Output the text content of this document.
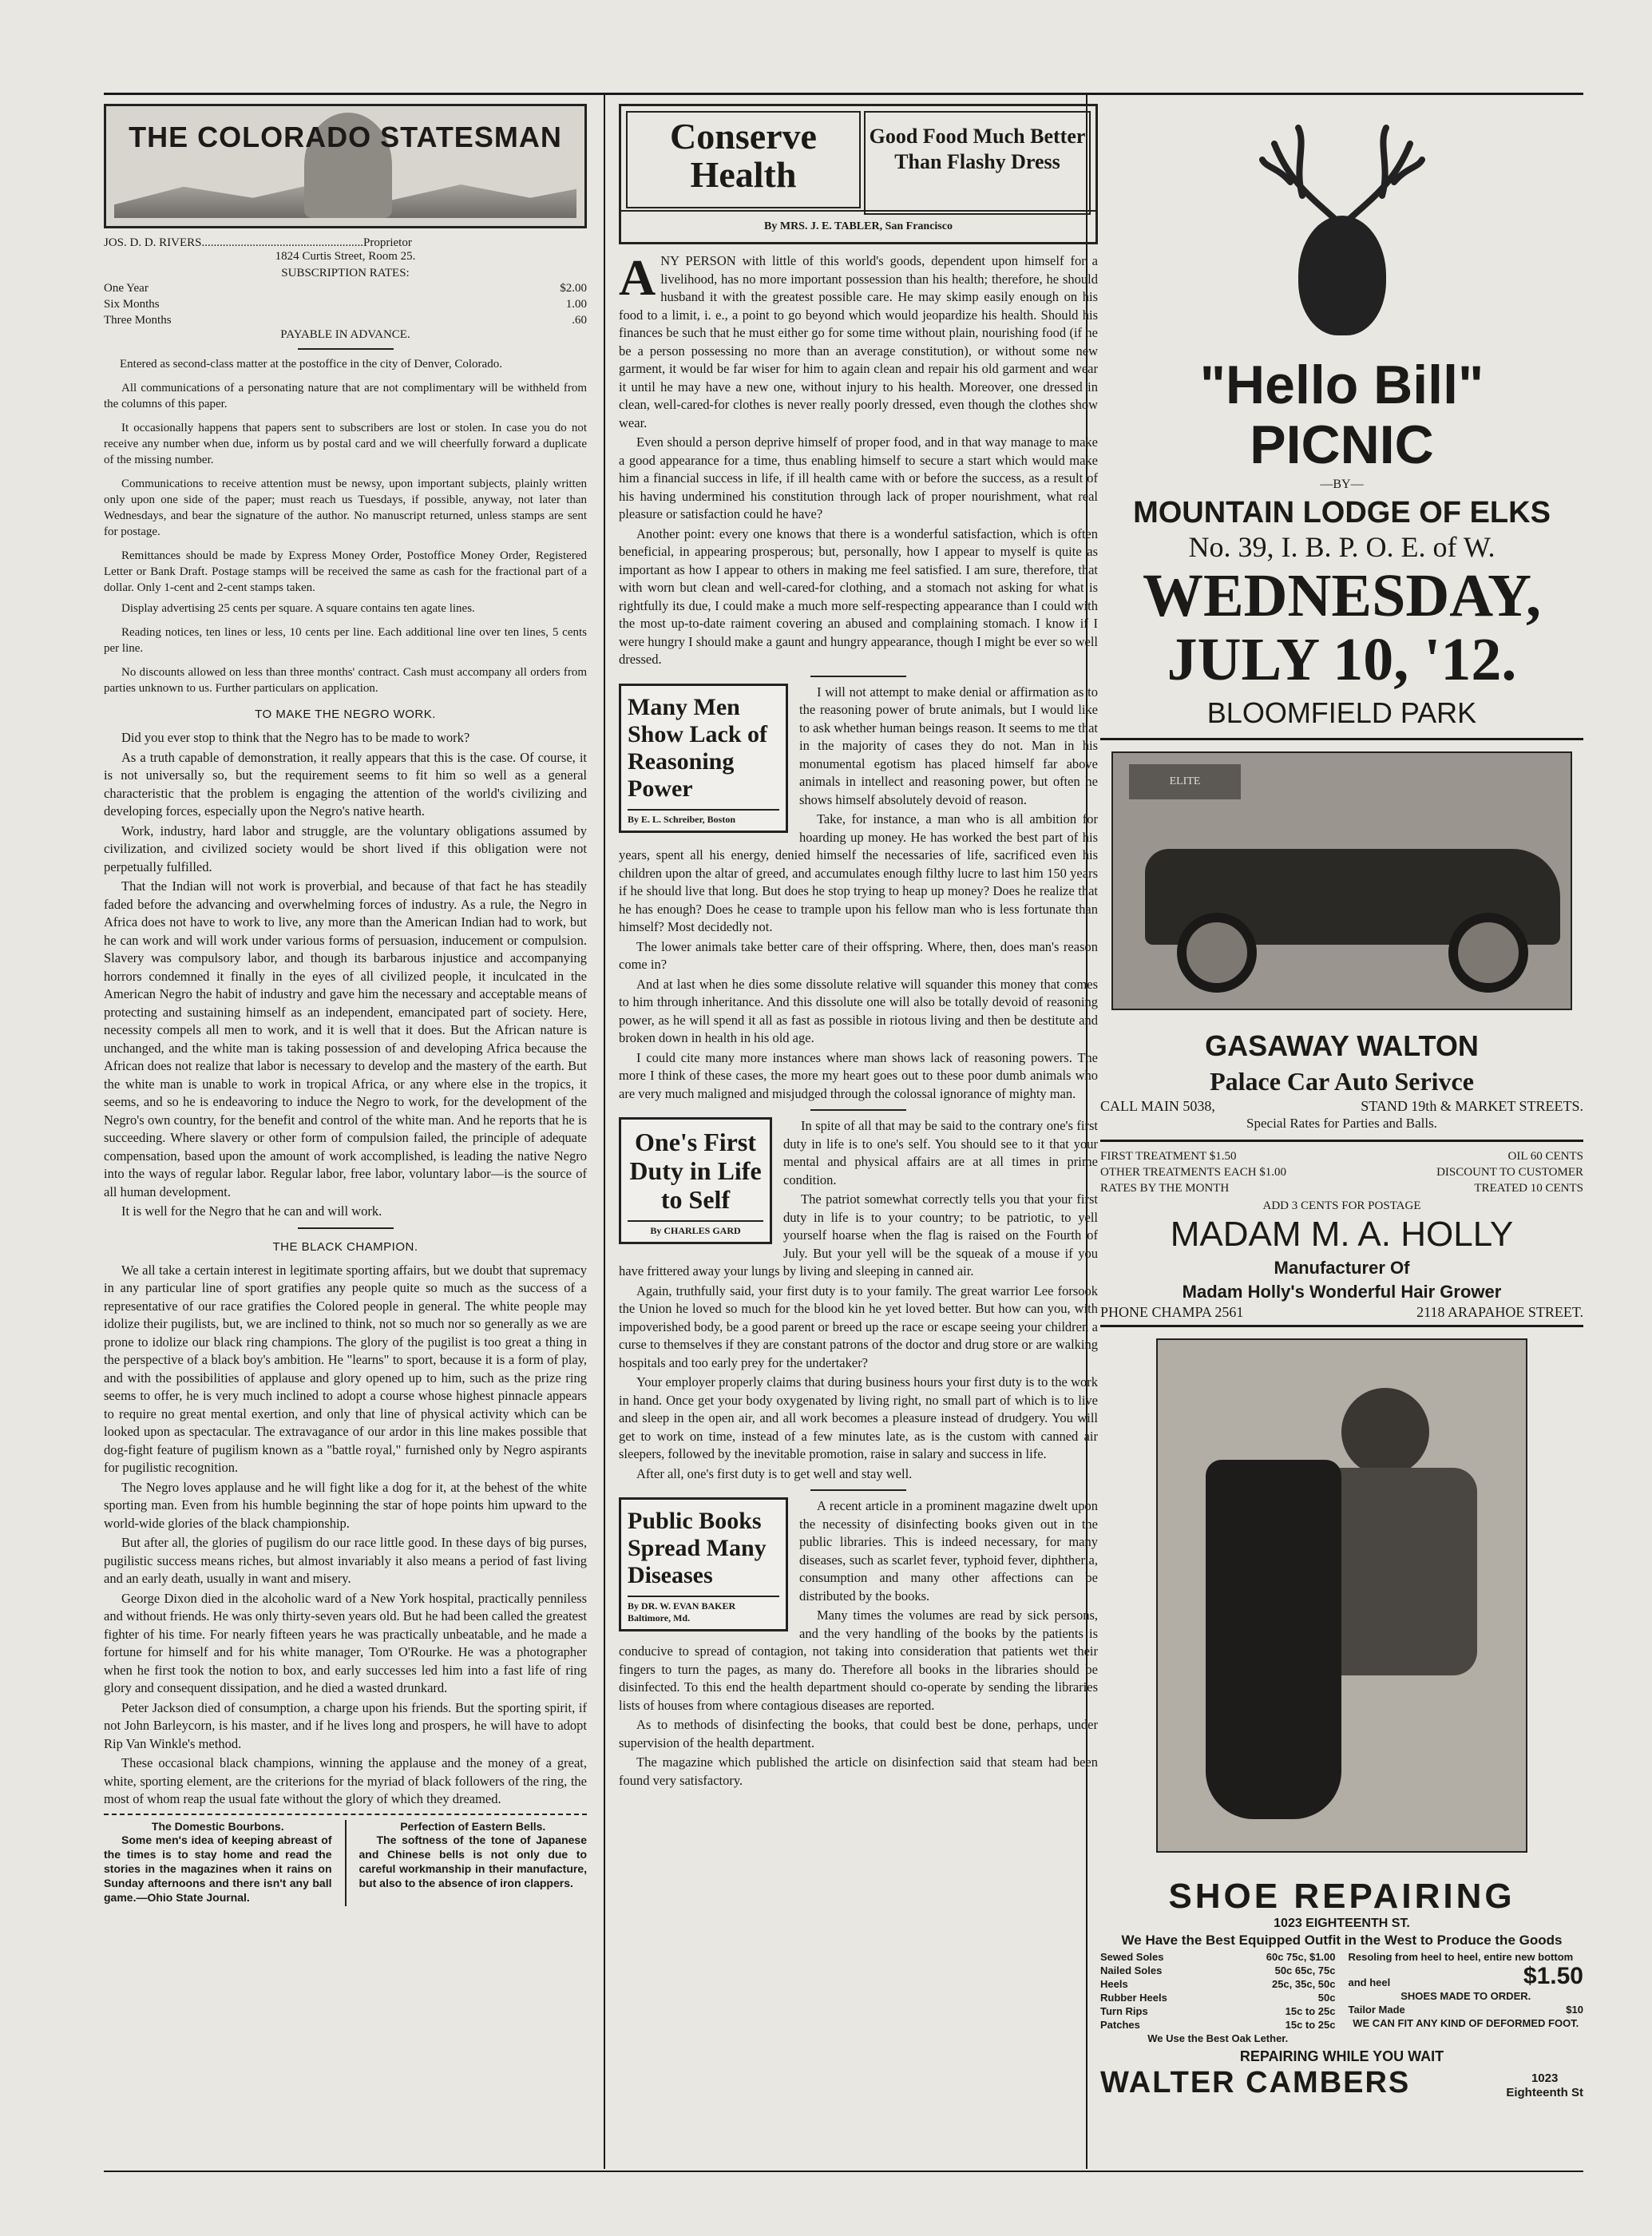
THE COLORADO STATESMAN
JOS. D. D. RIVERS......................................................Proprietor
1824 Curtis Street, Room 25.
SUBSCRIPTION RATES:
One Year	$2.00
Six Months	1.00
Three Months	.60
PAYABLE IN ADVANCE.
Entered as second-class matter at the postoffice in the city of Denver, Colorado.
All communications of a personating nature that are not complimentary will be withheld from the columns of this paper.
It occasionally happens that papers sent to subscribers are lost or stolen. In case you do not receive any number when due, inform us by postal card and we will cheerfully forward a duplicate of the missing number.
Communications to receive attention must be newsy, upon important subjects, plainly written only upon one side of the paper; must reach us Tuesdays, if possible, anyway, not later than Wednesdays, and bear the signature of the author. No manuscript returned, unless stamps are sent for postage.
Remittances should be made by Express Money Order, Postoffice Money Order, Registered Letter or Bank Draft. Postage stamps will be received the same as cash for the fractional part of a dollar. Only 1-cent and 2-cent stamps taken.
Display advertising 25 cents per square. A square contains ten agate lines.
Reading notices, ten lines or less, 10 cents per line. Each additional line over ten lines, 5 cents per line.
No discounts allowed on less than three months' contract. Cash must accompany all orders from parties unknown to us. Further particulars on application.
TO MAKE THE NEGRO WORK.
Did you ever stop to think that the Negro has to be made to work?
As a truth capable of demonstration, it really appears that this is the case. Of course, it is not universally so, but the requirement seems to fit him so well as a general characteristic that the problem is engaging the attention of the world's civilizing and developing forces, especially upon the Negro's native hearth.
Work, industry, hard labor and struggle, are the voluntary obligations assumed by civilization, and civilized society would be short lived if this obligation were not perpetually fulfilled.
That the Indian will not work is proverbial, and because of that fact he has steadily faded before the advancing and overwhelming forces of industry. As a rule, the Negro in Africa does not have to work to live, any more than the American Indian had to work, but he can work and will work under various forms of persuasion, inducement or compulsion. Slavery was compulsory labor, and though its barbarous injustice and accompanying horrors condemned it finally in the eyes of all civilized people, it inculcated in the American Negro the habit of industry and gave him the necessary and acceptable means of protecting and sustaining himself as an independent, emancipated part of society. Here, necessity compels all men to work, and it is well that it does. But the African nature is unchanged, and the white man is taking possession of and developing Africa because the African does not realize that labor is necessary to develop and the mastery of the earth. But the white man is unable to work in tropical Africa, or any where else in the tropics, it seems, and so he is endeavoring to induce the Negro to work, for the development of the Negro's own country, for the benefit and control of the white man. And he reports that he is succeeding. Where slavery or other form of compulsion failed, the principle of adequate compensation, based upon the amount of work accomplished, is leading the native Negro into the ways of regular labor. Regular labor, free labor, voluntary labor—is the source of all human development.
It is well for the Negro that he can and will work.
THE BLACK CHAMPION.
We all take a certain interest in legitimate sporting affairs, but we doubt that supremacy in any particular line of sport gratifies any people quite so much as the success of a representative of our race gratifies the Colored people in general. The white people may idolize their pugilists, but, we are inclined to think, not so much nor so generally as we are prone to idolize our black ring champions. The glory of the pugilist is too great a thing in the perspective of a black boy's ambition. He "learns" to sport, because it is a form of play, and with the possibilities of applause and glory opened up to him, such as the prize ring seems to offer, he is very much inclined to adopt a course whose highest pinnacle appears to require no great mental exertion, and only that line of physical activity which can be looked upon as spectacular. The extravagance of our ardor in this line makes possible that dog-fight feature of pugilism known as a "battle royal," furnished only by Negro aspirants for pugilistic recognition.
The Negro loves applause and he will fight like a dog for it, at the behest of the white sporting man. Even from his humble beginning the star of hope points him upward to the world-wide glories of the black championship.
But after all, the glories of pugilism do our race little good. In these days of big purses, pugilistic success means riches, but almost invariably it also means a period of fast living and an early death, usually in want and misery.
George Dixon died in the alcoholic ward of a New York hospital, practically penniless and without friends. He was only thirty-seven years old. But he had been called the greatest fighter of his time. For nearly fifteen years he was practically unbeatable, and he made a fortune for himself and for his white manager, Tom O'Rourke. He was a photographer when he first took the notion to box, and early successes led him into a fast life of ring glory and consequent dissipation, and he died a wasted drunkard.
Peter Jackson died of consumption, a charge upon his friends. But the sporting spirit, if not John Barleycorn, is his master, and if he lives long and prospers, he will have to adopt Rip Van Winkle's method.
These occasional black champions, winning the applause and the money of a great, white, sporting element, are the criterions for the myriad of black followers of the ring, the most of whom reap the usual fate without the glory of which they dreamed.
The Domestic Bourbons.
Some men's idea of keeping abreast of the times is to stay home and read the stories in the magazines when it rains on Sunday afternoons and there isn't any ball game.—Ohio State Journal.
Perfection of Eastern Bells.
The softness of the tone of Japanese and Chinese bells is not only due to careful workmanship in their manufacture, but also to the absence of iron clappers.
Conserve Health
Good Food Much Better Than Flashy Dress
By MRS. J. E. TABLER, San Francisco
A NY PERSON with little of this world's goods, dependent upon himself for a livelihood, has no more important possession than his health; therefore, he should husband it with the greatest possible care. He may skimp easily enough on his food to a limit, i. e., a point to go beyond which would jeopardize his health. Should his finances be such that he must either go for some time without plain, nourishing food (if he be a person possessing no more than an average constitution), or without some new garment, it would be far wiser for him to again clean and repair his old garment and wear it until he may have a new one, without injury to his health. Moreover, one dressed in clean, well-cared-for clothes is never really poorly dressed, even though the clothes show wear.
Even should a person deprive himself of proper food, and in that way manage to make a good appearance for a time, thus enabling himself to secure a start which would make him a financial success in life, if ill health came with or before the success, as a result of his having undermined his constitution through lack of proper nourishment, what real pleasure or satisfaction could he have?
Another point: every one knows that there is a wonderful satisfaction, which is often beneficial, in appearing prosperous; but, personally, how I appear to myself is quite as important as how I appear to others in making me feel satisfied. I am sure, therefore, that with worn but clean and well-cared-for clothing, and a stomach not asking for what is rightfully its due, I could make a much more self-respecting appearance than I could with the most up-to-date raiment covering an abused and complaining stomach. I know if I were hungry I should make a gaunt and hungry appearance, though I might be ever so well dressed.
Many Men Show Lack of Reasoning Power
By E. L. Schreiber, Boston
I will not attempt to make denial or affirmation as to the reasoning power of brute animals, but I would like to ask whether human beings reason. It seems to me that in the majority of cases they do not. Man in his monumental egotism has placed himself far above animals in intellect and reasoning power, but often he shows himself absolutely devoid of reason.
Take, for instance, a man who is all ambition for hoarding up money. He has worked the best part of his years, spent all his energy, denied himself the necessaries of life, sacrificed even his children upon the altar of greed, and accumulates enough filthy lucre to last him 150 years if he should live that long. But does he stop trying to heap up money? Does he realize that he has enough? Does he cease to trample upon his fellow man who is less fortunate than himself? Most decidedly not.
The lower animals take better care of their offspring. Where, then, does man's reason come in?
And at last when he dies some dissolute relative will squander this money that comes to him through inheritance. And this dissolute one will also be totally devoid of reasoning power, as he will spend it all as fast as possible in riotous living and then be destitute and broken down in health in his old age.
I could cite many more instances where man shows lack of reasoning powers. The more I think of these cases, the more my heart goes out to these poor dumb animals who are very much maligned and misjudged through the colossal ignorance of mighty man.
One's First Duty in Life to Self
By CHARLES GARD
In spite of all that may be said to the contrary one's first duty in life is to one's self. You should see to it that your mental and physical affairs are at all times in prime condition.
The patriot somewhat correctly tells you that your first duty in life is to your country; to be patriotic, to yell yourself hoarse when the flag is raised on the Fourth of July. But your yell will be the squeak of a mouse if you have frittered away your lungs by living and sleeping in canned air.
Again, truthfully said, your first duty is to your family. The great warrior Lee forsook the Union he loved so much for the blood kin he yet loved better. But how can you, with impoverished body, be a good parent or breed up the race or escape seeing your children a curse to themselves if they are constant patrons of the doctor and drug store or are walking hospitals and too early prey for the undertaker?
Your employer properly claims that during business hours your first duty is to the work in hand. Once get your body oxygenated by living right, no small part of which is to live and sleep in the open air, and all work becomes a pleasure instead of drudgery. You will get to work on time, instead of a few minutes late, as is the custom with canned air sleepers, followed by the inevitable promotion, raise in salary and success in life.
After all, one's first duty is to get well and stay well.
Public Books Spread Many Diseases
By DR. W. EVAN BAKER Baltimore, Md.
A recent article in a prominent magazine dwelt upon the necessity of disinfecting books given out in the public libraries. This is indeed necessary, for many diseases, such as scarlet fever, typhoid fever, diphtheria, consumption and many other affections can be distributed by the books.
Many times the volumes are read by sick persons, and the very handling of the books by the patients is conducive to spread of contagion, not taking into consideration that patients wet their fingers to turn the pages, as many do. Therefore all books in the libraries should be disinfected. To this end the health department should co-operate by sending the libraries lists of houses from where contagious diseases are reported.
As to methods of disinfecting the books, that could best be done, perhaps, under supervision of the health department.
The magazine which published the article on disinfection said that steam had been found very satisfactory.
"Hello Bill"
PICNIC
—BY—
MOUNTAIN LODGE OF ELKS
No. 39, I. B. P. O. E. of W.
WEDNESDAY,
JULY 10, '12.
BLOOMFIELD PARK
ELITE
GASAWAY WALTON
Palace Car Auto Serivce
CALL MAIN 5038,	STAND 19th & MARKET STREETS.
Special Rates for Parties and Balls.
FIRST TREATMENT $1.50	OIL 60 CENTS
OTHER TREATMENTS EACH $1.00	DISCOUNT TO CUSTOMER
RATES BY THE MONTH	TREATED 10 CENTS
ADD 3 CENTS FOR POSTAGE
MADAM M. A. HOLLY
Manufacturer Of
Madam Holly's Wonderful Hair Grower
PHONE CHAMPA 2561	2118 ARAPAHOE STREET.
SHOE REPAIRING
1023 EIGHTEENTH ST.
We Have the Best Equipped Outfit in the West to Produce the Goods
Sewed Soles	60c 75c, $1.00
Nailed Soles	50c 65c, 75c
Heels	25c, 35c, 50c
Rubber Heels	50c
Turn Rips	15c to 25c
Patches	15c to 25c
We Use the Best Oak Lether.
Resoling from heel to heel, entire new bottom
and heel	$1.50
SHOES MADE TO ORDER.
Tailor Made	$10
WE CAN FIT ANY KIND OF DEFORMED FOOT.
REPAIRING WHILE YOU WAIT
WALTER CAMBERS	1023
Eighteenth St
